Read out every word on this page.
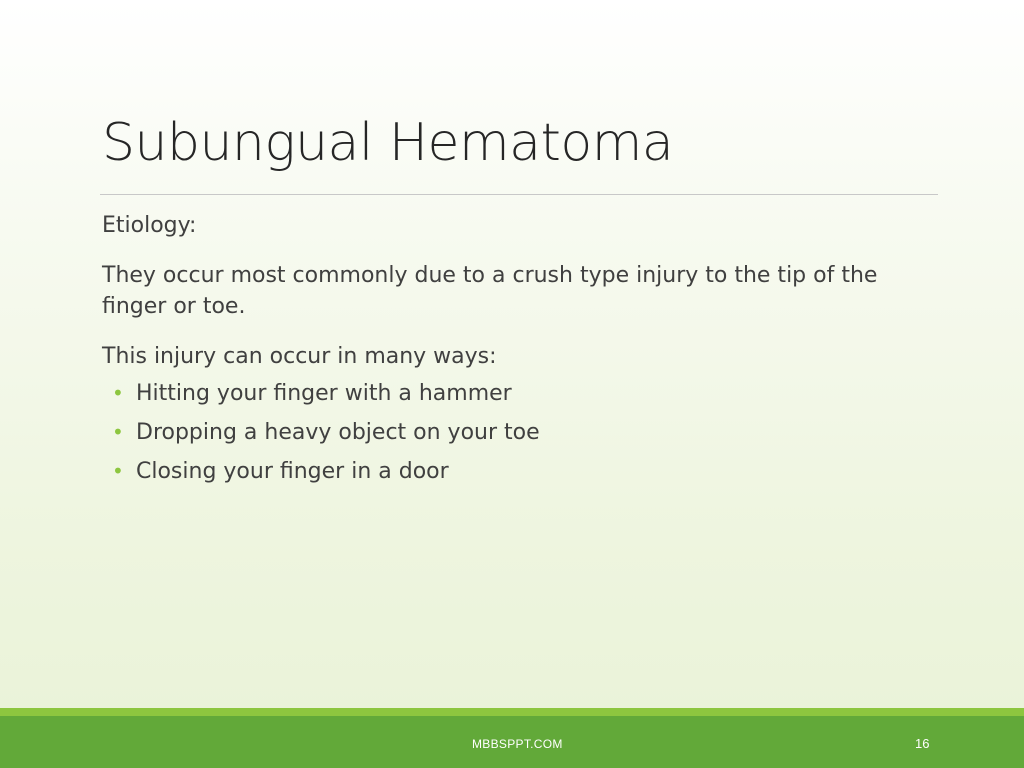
Subungual Hematoma

Etiology:

They occur most commonly due to a crush type injury to the tip of the finger or toe.

This injury can occur in many ways:

• Hitting your finger with a hammer
• Dropping a heavy object on your toe
• Closing your finger in a door
MBBSPPT.COM	16
